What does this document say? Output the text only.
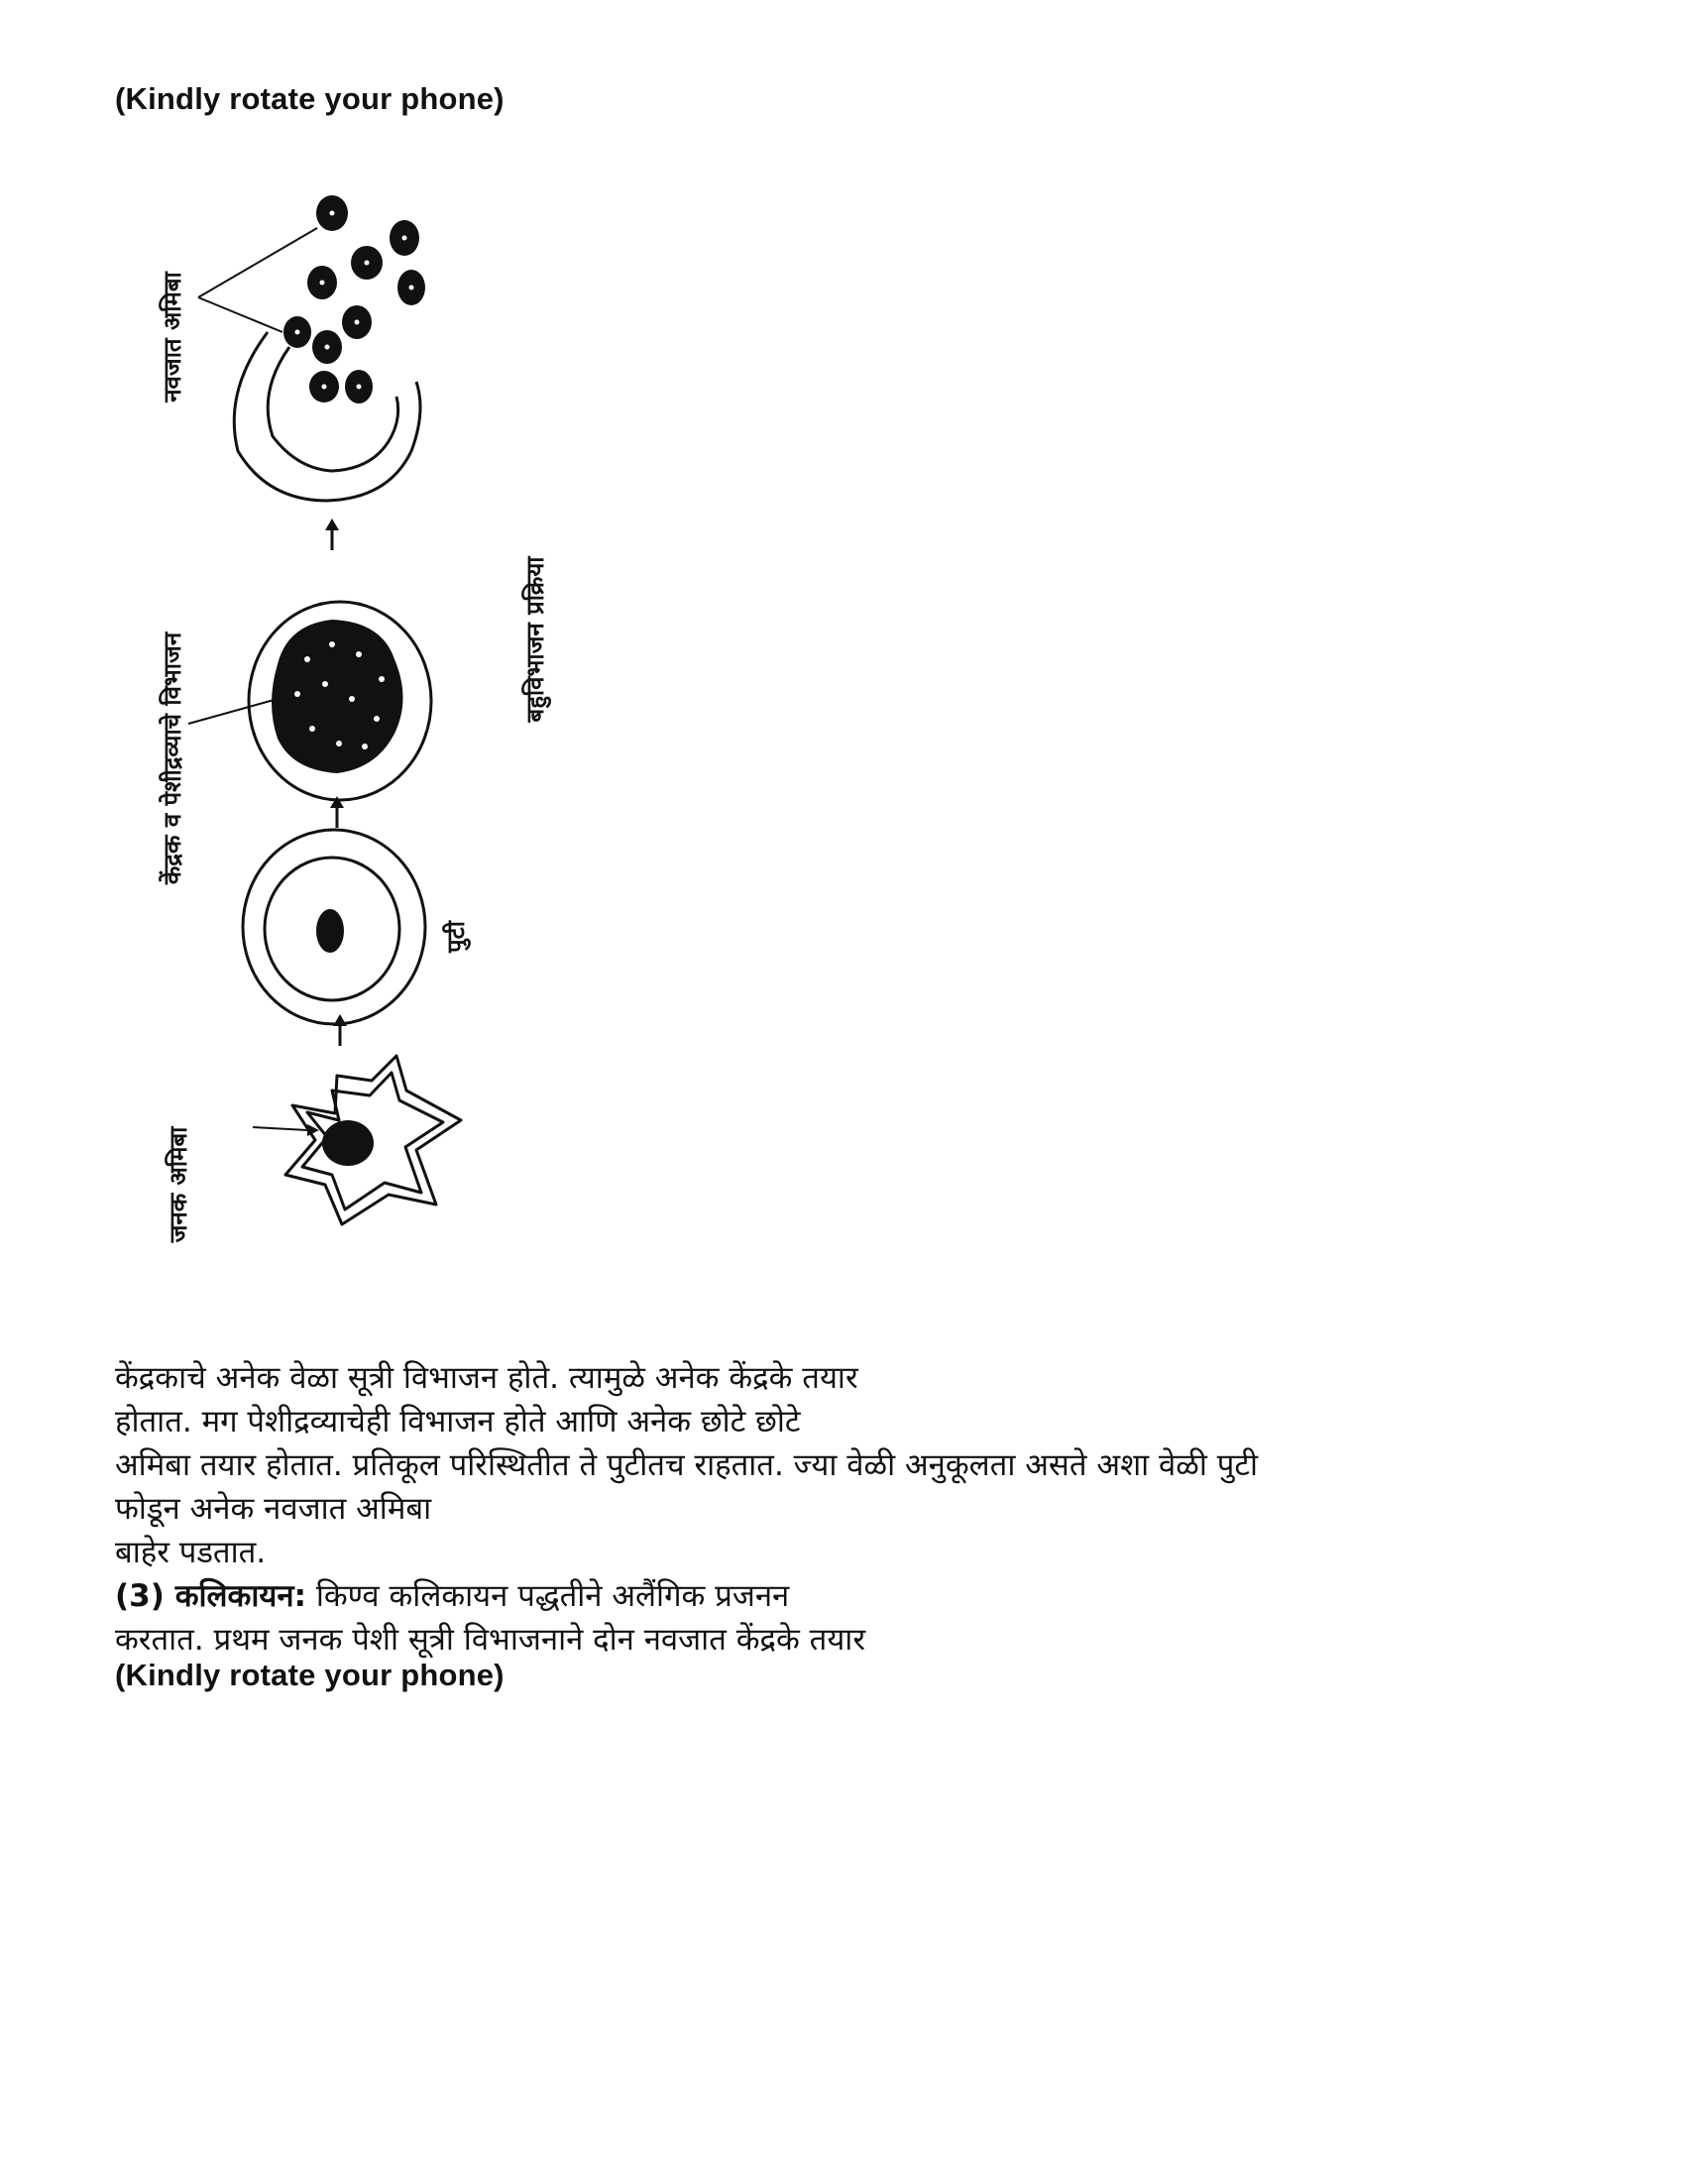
(Kindly rotate your phone)

जनक अमिबा
पुटी
केंद्रक व पेशीद्रव्याचे विभाजन
नवजात अमिबा
बहुविभाजन प्रक्रिया

केंद्रकाचे अनेक वेळा सूत्री विभाजन होते. त्यामुळे अनेक केंद्रके तयार

होतात. मग पेशीद्रव्याचेही विभाजन होते आणि अनेक छोटे छोटे

अमिबा तयार होतात. प्रतिकूल परिस्थितीत ते पुटीतच राहतात. ज्या वेळी अनुकूलता असते अशा वेळी पुटी

फोडून अनेक नवजात अमिबा

बाहेर पडतात.

(3) कलिकायन: किण्व कलिकायन पद्धतीने अलैंगिक प्रजनन

करतात. प्रथम जनक पेशी सूत्री विभाजनाने दोन नवजात केंद्रके तयार

(Kindly rotate your phone)
